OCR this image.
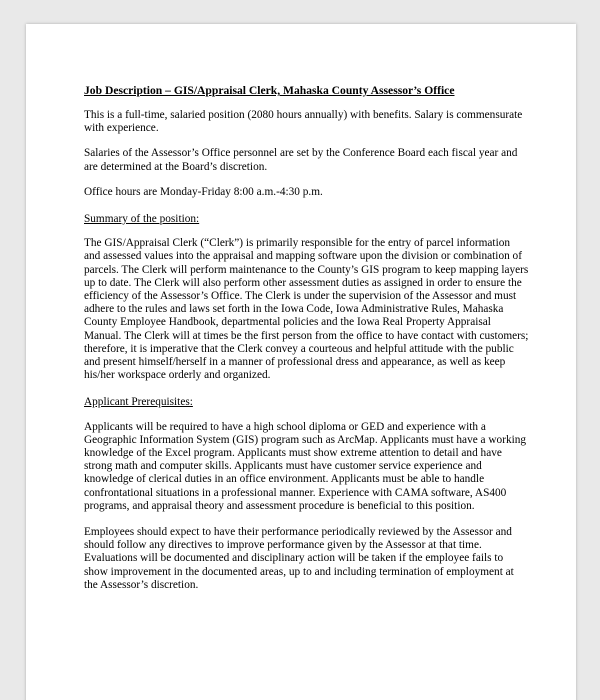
Job Description – GIS/Appraisal Clerk, Mahaska County Assessor’s Office

This is a full-time, salaried position (2080 hours annually) with benefits. Salary is commensurate with experience.

Salaries of the Assessor’s Office personnel are set by the Conference Board each fiscal year and are determined at the Board’s discretion.

Office hours are Monday-Friday 8:00 a.m.-4:30 p.m.

Summary of the position:

The GIS/Appraisal Clerk (“Clerk”) is primarily responsible for the entry of parcel information and assessed values into the appraisal and mapping software upon the division or combination of parcels. The Clerk will perform maintenance to the County’s GIS program to keep mapping layers up to date. The Clerk will also perform other assessment duties as assigned in order to ensure the efficiency of the Assessor’s Office. The Clerk is under the supervision of the Assessor and must adhere to the rules and laws set forth in the Iowa Code, Iowa Administrative Rules, Mahaska County Employee Handbook, departmental policies and the Iowa Real Property Appraisal Manual. The Clerk will at times be the first person from the office to have contact with customers; therefore, it is imperative that the Clerk convey a courteous and helpful attitude with the public and present himself/herself in a manner of professional dress and appearance, as well as keep his/her workspace orderly and organized.

Applicant Prerequisites:

Applicants will be required to have a high school diploma or GED and experience with a Geographic Information System (GIS) program such as ArcMap. Applicants must have a working knowledge of the Excel program. Applicants must show extreme attention to detail and have strong math and computer skills. Applicants must have customer service experience and knowledge of clerical duties in an office environment. Applicants must be able to handle confrontational situations in a professional manner. Experience with CAMA software, AS400 programs, and appraisal theory and assessment procedure is beneficial to this position.

Employees should expect to have their performance periodically reviewed by the Assessor and should follow any directives to improve performance given by the Assessor at that time. Evaluations will be documented and disciplinary action will be taken if the employee fails to show improvement in the documented areas, up to and including termination of employment at the Assessor’s discretion.
